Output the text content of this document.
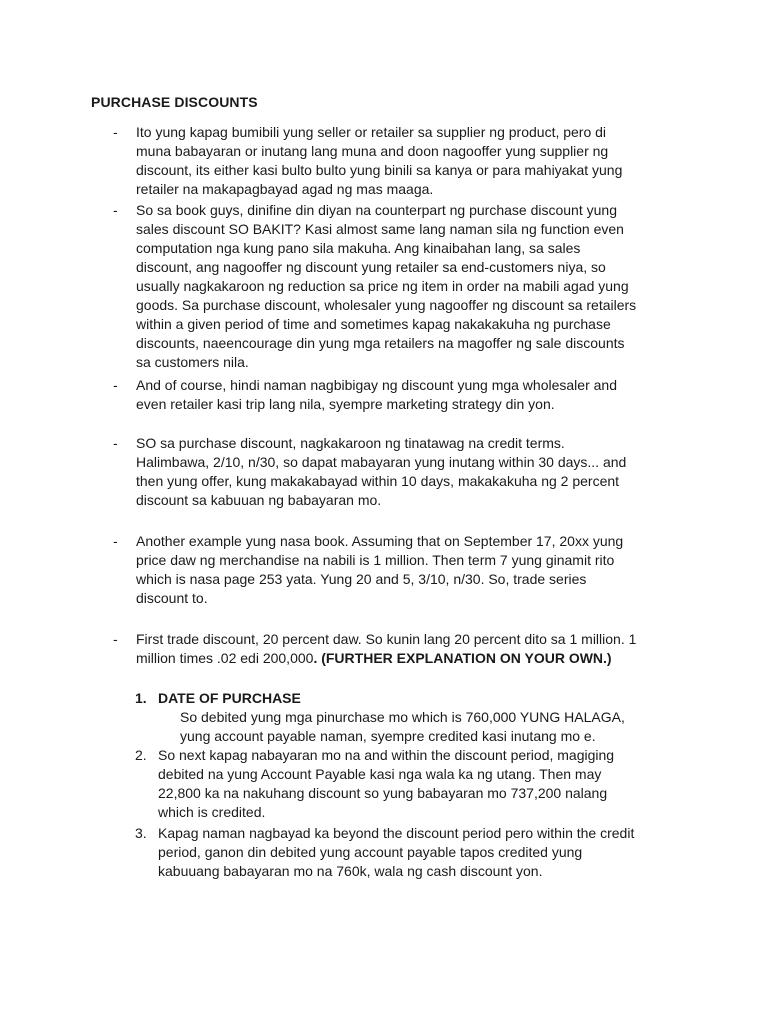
PURCHASE DISCOUNTS
- Ito yung kapag bumibili yung seller or retailer sa supplier ng product, pero di
muna babayaran or inutang lang muna and doon nagooffer yung supplier ng
discount, its either kasi bulto bulto yung binili sa kanya or para mahiyakat yung
retailer na makapagbayad agad ng mas maaga.
- So sa book guys, dinifine din diyan na counterpart ng purchase discount yung
sales discount SO BAKIT? Kasi almost same lang naman sila ng function even
computation nga kung pano sila makuha. Ang kinaibahan lang, sa sales
discount, ang nagooffer ng discount yung retailer sa end-customers niya, so
usually nagkakaroon ng reduction sa price ng item in order na mabili agad yung
goods. Sa purchase discount, wholesaler yung nagooffer ng discount sa retailers
within a given period of time and sometimes kapag nakakakuha ng purchase
discounts, naeencourage din yung mga retailers na magoffer ng sale discounts
sa customers nila.
- And of course, hindi naman nagbibigay ng discount yung mga wholesaler and
even retailer kasi trip lang nila, syempre marketing strategy din yon.
- SO sa purchase discount, nagkakaroon ng tinatawag na credit terms.
Halimbawa, 2/10, n/30, so dapat mabayaran yung inutang within 30 days... and
then yung offer, kung makakabayad within 10 days, makakakuha ng 2 percent
discount sa kabuuan ng babayaran mo.
- Another example yung nasa book. Assuming that on September 17, 20xx yung
price daw ng merchandise na nabili is 1 million. Then term 7 yung ginamit rito
which is nasa page 253 yata. Yung 20 and 5, 3/10, n/30. So, trade series
discount to.
- First trade discount, 20 percent daw. So kunin lang 20 percent dito sa 1 million. 1
million times .02 edi 200,000. (FURTHER EXPLANATION ON YOUR OWN.)
1. DATE OF PURCHASE
So debited yung mga pinurchase mo which is 760,000 YUNG HALAGA,
yung account payable naman, syempre credited kasi inutang mo e.
2. So next kapag nabayaran mo na and within the discount period, magiging
debited na yung Account Payable kasi nga wala ka ng utang. Then may
22,800 ka na nakuhang discount so yung babayaran mo 737,200 nalang
which is credited.
3. Kapag naman nagbayad ka beyond the discount period pero within the credit
period, ganon din debited yung account payable tapos credited yung
kabuuang babayaran mo na 760k, wala ng cash discount yon.
